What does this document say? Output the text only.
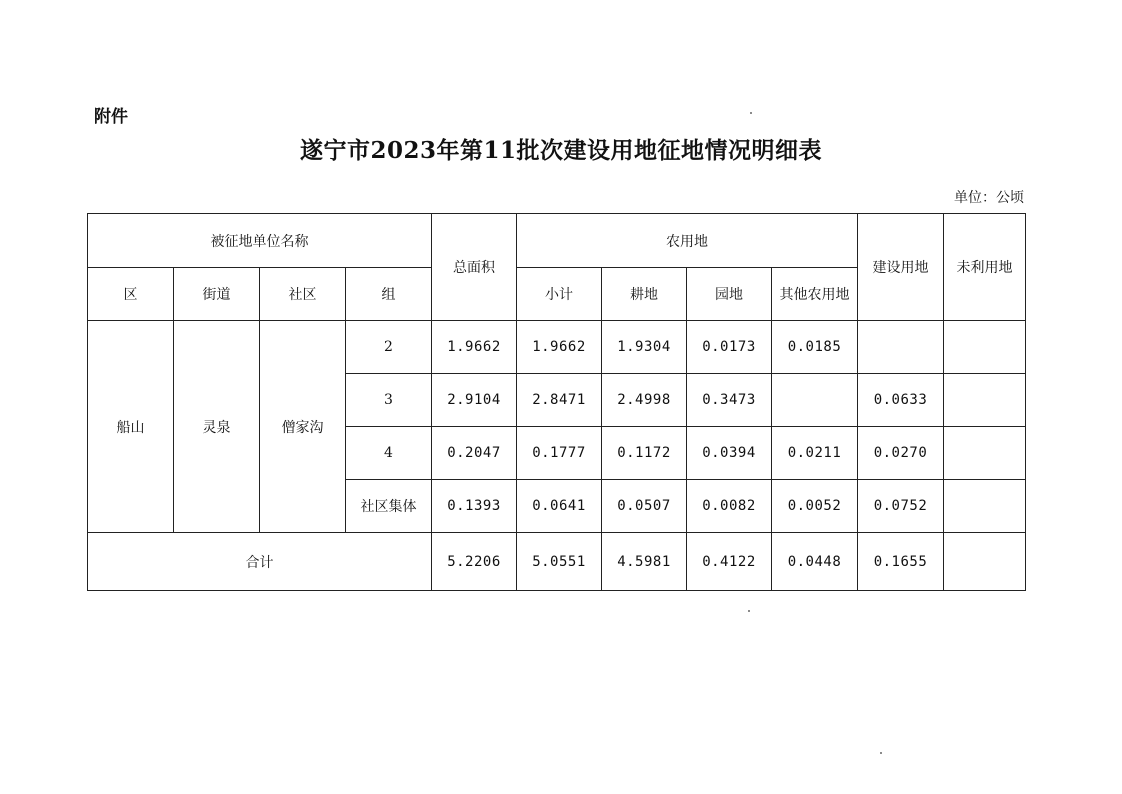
附件
遂宁市2023年第11批次建设用地征地情况明细表
单位：公顷
被征地单位名称				总面积	农用地				建设用地	未利用地
区	街道	社区	组		小计	耕地	园地	其他农用地		
船山	灵泉	僧家沟	2	1.9662	1.9662	1.9304	0.0173	0.0185		
			3	2.9104	2.8471	2.4998	0.3473		0.0633	
			4	0.2047	0.1777	0.1172	0.0394	0.0211	0.0270	
			社区集体	0.1393	0.0641	0.0507	0.0082	0.0052	0.0752	
合计				5.2206	5.0551	4.5981	0.4122	0.0448	0.1655	
